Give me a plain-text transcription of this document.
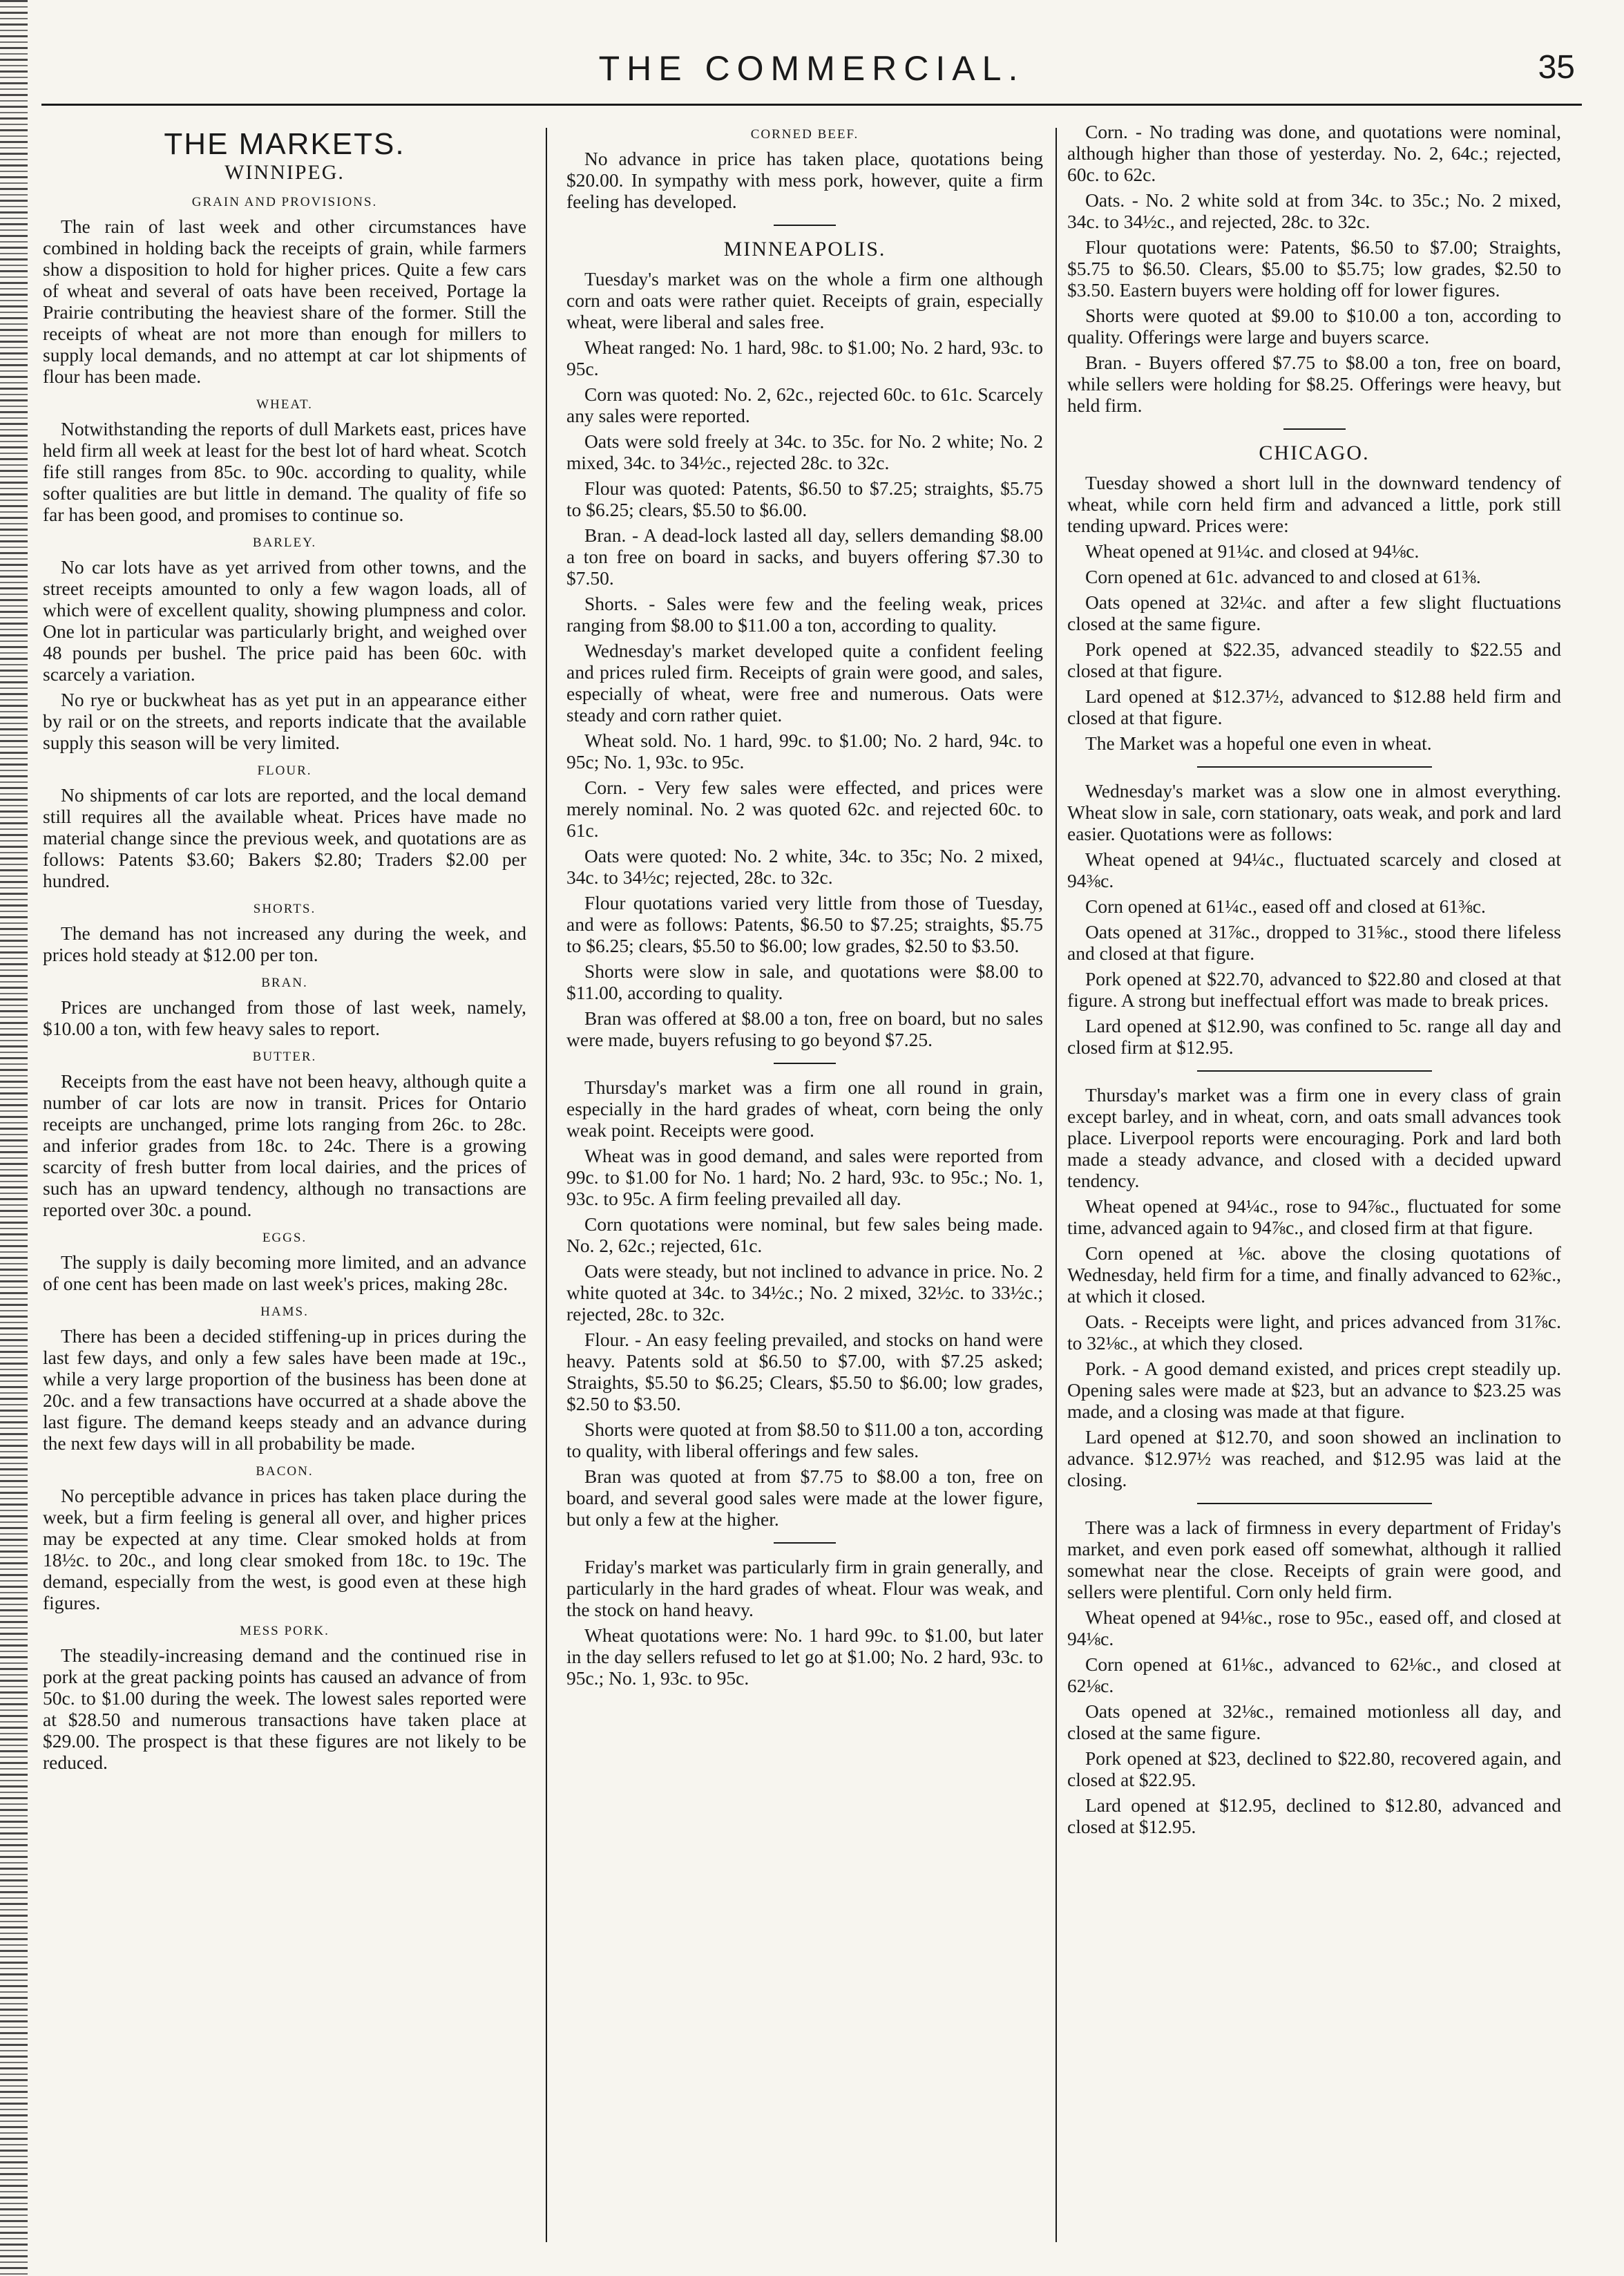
THE COMMERCIAL.	35
THE MARKETS.
WINNIPEG.
GRAIN AND PROVISIONS.

The rain of last week and other circumstances have combined in holding back the receipts of grain, while farmers show a disposition to hold for higher prices. Quite a few cars of wheat and several of oats have been received, Portage la Prairie contributing the heaviest share of the former. Still the receipts of wheat are not more than enough for millers to supply local demands, and no attempt at car lot shipments of flour has been made.

WHEAT.

Notwithstanding the reports of dull Markets east, prices have held firm all week at least for the best lot of hard wheat. Scotch fife still ranges from 85c. to 90c. according to quality, while softer qualities are but little in demand. The quality of fife so far has been good, and promises to continue so.

BARLEY.

No car lots have as yet arrived from other towns, and the street receipts amounted to only a few wagon loads, all of which were of excellent quality, showing plumpness and color. One lot in particular was particularly bright, and weighed over 48 pounds per bushel. The price paid has been 60c. with scarcely a variation.

No rye or buckwheat has as yet put in an appearance either by rail or on the streets, and reports indicate that the available supply this season will be very limited.

FLOUR.

No shipments of car lots are reported, and the local demand still requires all the available wheat. Prices have made no material change since the previous week, and quotations are as follows: Patents $3.60; Bakers $2.80; Traders $2.00 per hundred.

SHORTS.

The demand has not increased any during the week, and prices hold steady at $12.00 per ton.

BRAN.

Prices are unchanged from those of last week, namely, $10.00 a ton, with few heavy sales to report.

BUTTER.

Receipts from the east have not been heavy, although quite a number of car lots are now in transit. Prices for Ontario receipts are unchanged, prime lots ranging from 26c. to 28c. and inferior grades from 18c. to 24c. There is a growing scarcity of fresh butter from local dairies, and the prices of such has an upward tendency, although no transactions are reported over 30c. a pound.

EGGS.

The supply is daily becoming more limited, and an advance of one cent has been made on last week's prices, making 28c.

HAMS.

There has been a decided stiffening-up in prices during the last few days, and only a few sales have been made at 19c., while a very large proportion of the business has been done at 20c. and a few transactions have occurred at a shade above the last figure. The demand keeps steady and an advance during the next few days will in all probability be made.

BACON.

No perceptible advance in prices has taken place during the week, but a firm feeling is general all over, and higher prices may be expected at any time. Clear smoked holds at from 18½c. to 20c., and long clear smoked from 18c. to 19c. The demand, especially from the west, is good even at these high figures.

MESS PORK.

The steadily-increasing demand and the continued rise in pork at the great packing points has caused an advance of from 50c. to $1.00 during the week. The lowest sales reported were at $28.50 and numerous transactions have taken place at $29.00. The prospect is that these figures are not likely to be reduced.

CORNED BEEF.

No advance in price has taken place, quotations being $20.00. In sympathy with mess pork, however, quite a firm feeling has developed.

MINNEAPOLIS.

Tuesday's market was on the whole a firm one although corn and oats were rather quiet. Receipts of grain, especially wheat, were liberal and sales free.

Wheat ranged: No. 1 hard, 98c. to $1.00; No. 2 hard, 93c. to 95c.

Corn was quoted: No. 2, 62c., rejected 60c. to 61c. Scarcely any sales were reported.

Oats were sold freely at 34c. to 35c. for No. 2 white; No. 2 mixed, 34c. to 34½c., rejected 28c. to 32c.

Flour was quoted: Patents, $6.50 to $7.25; straights, $5.75 to $6.25; clears, $5.50 to $6.00.

Bran. - A dead-lock lasted all day, sellers demanding $8.00 a ton free on board in sacks, and buyers offering $7.30 to $7.50.

Shorts. - Sales were few and the feeling weak, prices ranging from $8.00 to $11.00 a ton, according to quality.

Wednesday's market developed quite a confident feeling and prices ruled firm. Receipts of grain were good, and sales, especially of wheat, were free and numerous. Oats were steady and corn rather quiet.

Wheat sold. No. 1 hard, 99c. to $1.00; No. 2 hard, 94c. to 95c; No. 1, 93c. to 95c.

Corn. - Very few sales were effected, and prices were merely nominal. No. 2 was quoted 62c. and rejected 60c. to 61c.

Oats were quoted: No. 2 white, 34c. to 35c; No. 2 mixed, 34c. to 34½c; rejected, 28c. to 32c.

Flour quotations varied very little from those of Tuesday, and were as follows: Patents, $6.50 to $7.25; straights, $5.75 to $6.25; clears, $5.50 to $6.00; low grades, $2.50 to $3.50.

Shorts were slow in sale, and quotations were $8.00 to $11.00, according to quality.

Bran was offered at $8.00 a ton, free on board, but no sales were made, buyers refusing to go beyond $7.25.

Thursday's market was a firm one all round in grain, especially in the hard grades of wheat, corn being the only weak point. Receipts were good.

Wheat was in good demand, and sales were reported from 99c. to $1.00 for No. 1 hard; No. 2 hard, 93c. to 95c.; No. 1, 93c. to 95c. A firm feeling prevailed all day.

Corn quotations were nominal, but few sales being made. No. 2, 62c.; rejected, 61c.

Oats were steady, but not inclined to advance in price. No. 2 white quoted at 34c. to 34½c.; No. 2 mixed, 32½c. to 33½c.; rejected, 28c. to 32c.

Flour. - An easy feeling prevailed, and stocks on hand were heavy. Patents sold at $6.50 to $7.00, with $7.25 asked; Straights, $5.50 to $6.25; Clears, $5.50 to $6.00; low grades, $2.50 to $3.50.

Shorts were quoted at from $8.50 to $11.00 a ton, according to quality, with liberal offerings and few sales.

Bran was quoted at from $7.75 to $8.00 a ton, free on board, and several good sales were made at the lower figure, but only a few at the higher.

Friday's market was particularly firm in grain generally, and particularly in the hard grades of wheat. Flour was weak, and the stock on hand heavy.

Wheat quotations were: No. 1 hard 99c. to $1.00, but later in the day sellers refused to let go at $1.00; No. 2 hard, 93c. to 95c.; No. 1, 93c. to 95c.

Corn. - No trading was done, and quotations were nominal, although higher than those of yesterday. No. 2, 64c.; rejected, 60c. to 62c.

Oats. - No. 2 white sold at from 34c. to 35c.; No. 2 mixed, 34c. to 34½c., and rejected, 28c. to 32c.

Flour quotations were: Patents, $6.50 to $7.00; Straights, $5.75 to $6.50. Clears, $5.00 to $5.75; low grades, $2.50 to $3.50. Eastern buyers were holding off for lower figures.

Shorts were quoted at $9.00 to $10.00 a ton, according to quality. Offerings were large and buyers scarce.

Bran. - Buyers offered $7.75 to $8.00 a ton, free on board, while sellers were holding for $8.25. Offerings were heavy, but held firm.

CHICAGO.

Tuesday showed a short lull in the downward tendency of wheat, while corn held firm and advanced a little, pork still tending upward. Prices were:

Wheat opened at 91¼c. and closed at 94⅛c.

Corn opened at 61c. advanced to and closed at 61⅜.

Oats opened at 32¼c. and after a few slight fluctuations closed at the same figure.

Pork opened at $22.35, advanced steadily to $22.55 and closed at that figure.

Lard opened at $12.37½, advanced to $12.88 held firm and closed at that figure.

The Market was a hopeful one even in wheat.

Wednesday's market was a slow one in almost everything. Wheat slow in sale, corn stationary, oats weak, and pork and lard easier. Quotations were as follows:

Wheat opened at 94¼c., fluctuated scarcely and closed at 94⅜c.

Corn opened at 61¼c., eased off and closed at 61⅜c.

Oats opened at 31⅞c., dropped to 31⅝c., stood there lifeless and closed at that figure.

Pork opened at $22.70, advanced to $22.80 and closed at that figure. A strong but ineffectual effort was made to break prices.

Lard opened at $12.90, was confined to 5c. range all day and closed firm at $12.95.

Thursday's market was a firm one in every class of grain except barley, and in wheat, corn, and oats small advances took place. Liverpool reports were encouraging. Pork and lard both made a steady advance, and closed with a decided upward tendency.

Wheat opened at 94¼c., rose to 94⅞c., fluctuated for some time, advanced again to 94⅞c., and closed firm at that figure.

Corn opened at ⅛c. above the closing quotations of Wednesday, held firm for a time, and finally advanced to 62⅜c., at which it closed.

Oats. - Receipts were light, and prices advanced from 31⅞c. to 32⅛c., at which they closed.

Pork. - A good demand existed, and prices crept steadily up. Opening sales were made at $23, but an advance to $23.25 was made, and a closing was made at that figure.

Lard opened at $12.70, and soon showed an inclination to advance. $12.97½ was reached, and $12.95 was laid at the closing.

There was a lack of firmness in every department of Friday's market, and even pork eased off somewhat, although it rallied somewhat near the close. Receipts of grain were good, and sellers were plentiful. Corn only held firm.

Wheat opened at 94⅛c., rose to 95c., eased off, and closed at 94⅛c.

Corn opened at 61⅛c., advanced to 62⅛c., and closed at 62⅛c.

Oats opened at 32⅛c., remained motionless all day, and closed at the same figure.

Pork opened at $23, declined to $22.80, recovered again, and closed at $22.95.

Lard opened at $12.95, declined to $12.80, advanced and closed at $12.95.
